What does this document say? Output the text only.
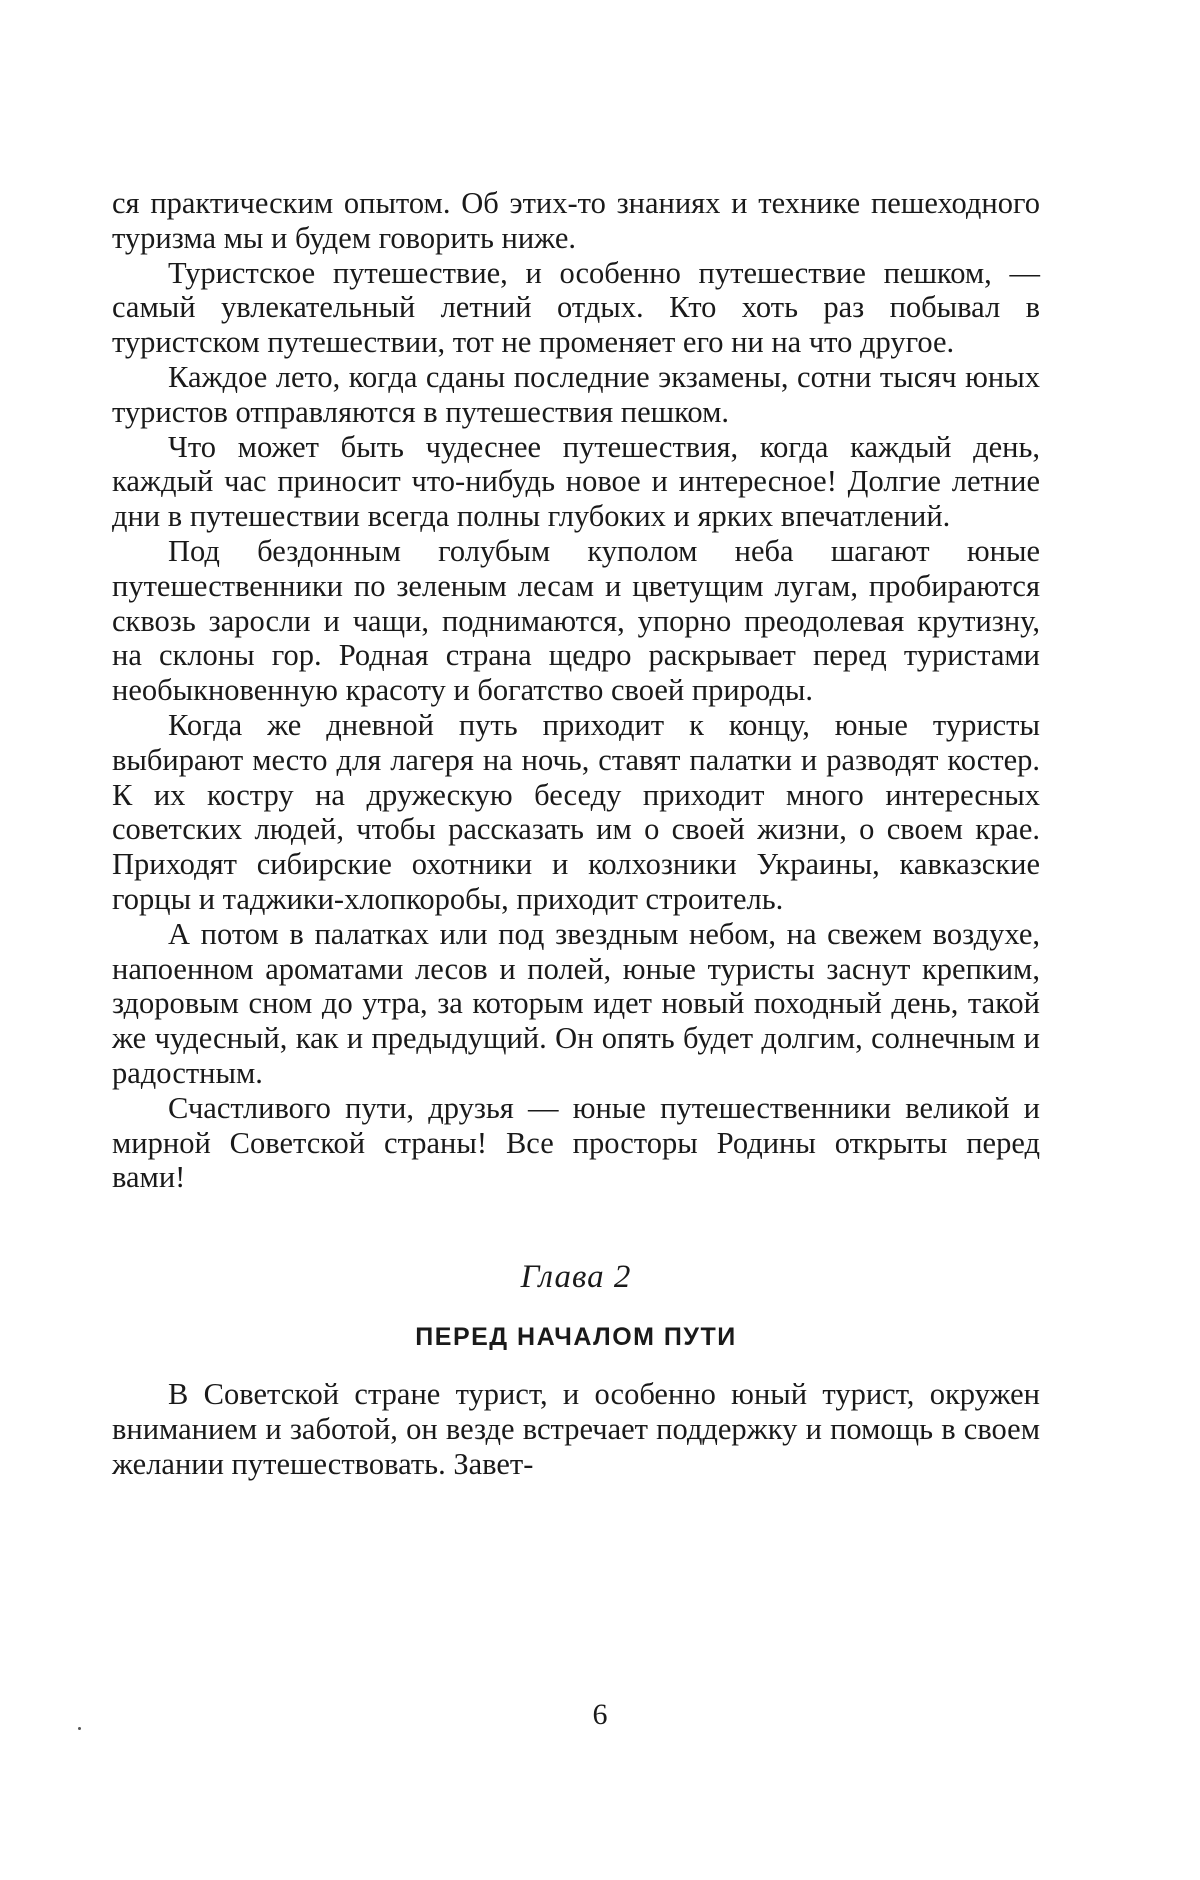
ся практическим опытом. Об этих-то знаниях и технике пешеходного туризма мы и будем говорить ниже.

Туристское путешествие, и особенно путешествие пешком, — самый увлекательный летний отдых. Кто хоть раз побывал в туристском путешествии, тот не променяет его ни на что другое.

Каждое лето, когда сданы последние экзамены, сотни тысяч юных туристов отправляются в путешествия пешком.

Что может быть чудеснее путешествия, когда каждый день, каждый час приносит что-нибудь новое и интересное! Долгие летние дни в путешествии всегда полны глубоких и ярких впечатлений.

Под бездонным голубым куполом неба шагают юные путешественники по зеленым лесам и цветущим лугам, пробираются сквозь заросли и чащи, поднимаются, упорно преодолевая крутизну, на склоны гор. Родная страна щедро раскрывает перед туристами необыкновенную красоту и богатство своей природы.

Когда же дневной путь приходит к концу, юные туристы выбирают место для лагеря на ночь, ставят палатки и разводят костер. К их костру на дружескую беседу приходит много интересных советских людей, чтобы рассказать им о своей жизни, о своем крае. Приходят сибирские охотники и колхозники Украины, кавказские горцы и таджики-хлопкоробы, приходит строитель.

А потом в палатках или под звездным небом, на свежем воздухе, напоенном ароматами лесов и полей, юные туристы заснут крепким, здоровым сном до утра, за которым идет новый походный день, такой же чудесный, как и предыдущий. Он опять будет долгим, солнечным и радостным.

Счастливого пути, друзья — юные путешественники великой и мирной Советской страны! Все просторы Родины открыты перед вами!

Глава 2
ПЕРЕД НАЧАЛОМ ПУТИ

В Советской стране турист, и особенно юный турист, окружен вниманием и заботой, он везде встречает поддержку и помощь в своем желании путешествовать. Завет-

6
